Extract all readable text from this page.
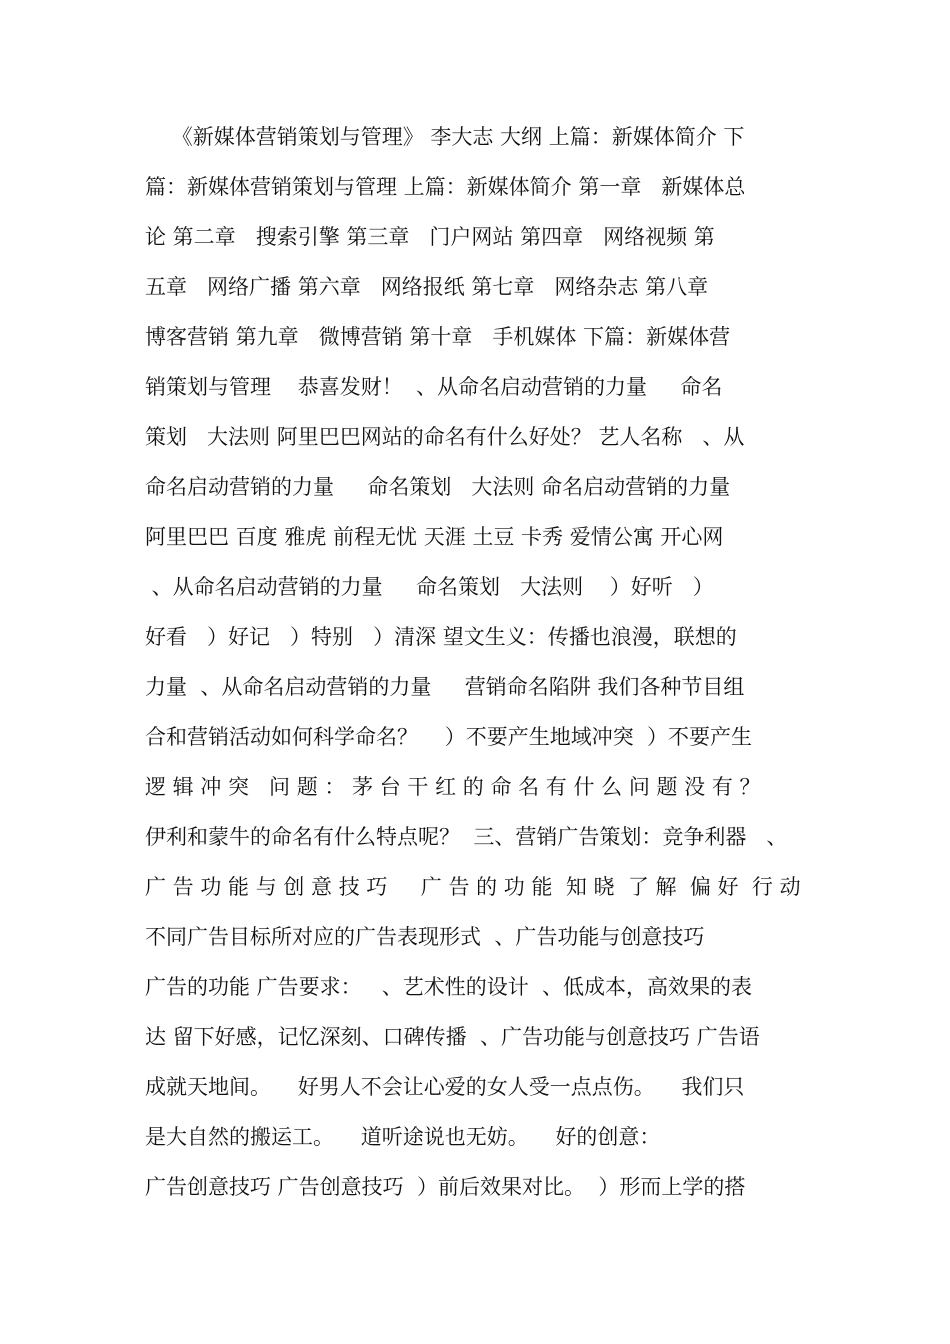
《新媒体营销策划与管理》 李大志 大纲 上篇：新媒体简介 下
篇：新媒体营销策划与管理 上篇：新媒体简介 第一章   新媒体总
论 第二章   搜索引擎 第三章   门户网站 第四章   网络视频 第
五章   网络广播 第六章   网络报纸 第七章   网络杂志 第八章
博客营销 第九章   微博营销 第十章   手机媒体 下篇：新媒体营
销策划与管理    恭喜发财！  、从命名启动营销的力量     命名
策划   大法则 阿里巴巴网站的命名有什么好处？ 艺人名称   、从
命名启动营销的力量     命名策划   大法则 命名启动营销的力量
阿里巴巴 百度 雅虎 前程无忧 天涯 土豆 卡秀 爱情公寓 开心网
、从命名启动营销的力量     命名策划   大法则    ）好听   ）
好看   ）好记   ）特别   ）清深 望文生义：传播也浪漫，联想的
力量  、从命名启动营销的力量     营销命名陷阱 我们各种节目组
合和营销活动如何科学命名？    ）不要产生地域冲突  ）不要产生
逻 辑 冲 突   问 题 ： 茅 台 干 红 的 命 名 有 什 么 问 题 没 有 ？
伊利和蒙牛的命名有什么特点呢？  三、营销广告策划：竞争利器   、
广 告 功 能 与 创 意 技 巧     广 告 的 功 能  知 晓  了 解  偏 好  行 动
不同广告目标所对应的广告表现形式  、广告功能与创意技巧
广告的功能 广告要求：   、艺术性的设计  、低成本，高效果的表
达 留下好感，记忆深刻、口碑传播  、广告功能与创意技巧 广告语
成就天地间。    好男人不会让心爱的女人受一点点伤。    我们只
是大自然的搬运工。    道听途说也无妨。    好的创意：
广告创意技巧 广告创意技巧  ）前后效果对比。  ）形而上学的搭
